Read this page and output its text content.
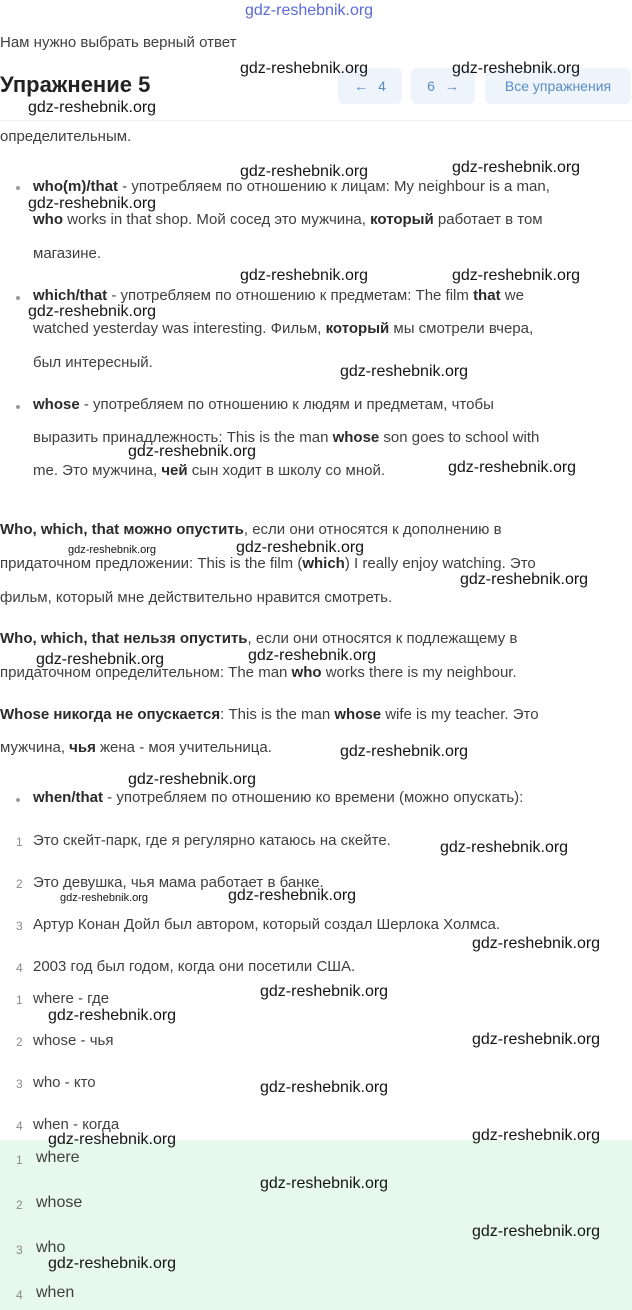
gdz-reshebnik.org
Нам нужно выбрать верный ответ
Упражнение 5	← 4	6 →	Все упражнения
определительным.
who(m)/that - употребляем по отношению к лицам: My neighbour is a man,
who works in that shop. Мой сосед это мужчина, который работает в том
магазине.
which/that - употребляем по отношению к предметам: The film that we
watched yesterday was interesting. Фильм, который мы смотрели вчера,
был интересный.
whose - употребляем по отношению к людям и предметам, чтобы
выразить принадлежность: This is the man whose son goes to school with
me. Это мужчина, чей сын ходит в школу со мной.
Who, which, that можно опустить, если они относятся к дополнению в
придаточном предложении: This is the film (which) I really enjoy watching. Это
фильм, который мне действительно нравится смотреть.
Who, which, that нельзя опустить, если они относятся к подлежащему в
придаточном определительном: The man who works there is my neighbour.
Whose никогда не опускается: This is the man whose wife is my teacher. Это
мужчина, чья жена - моя учительница.
when/that - употребляем по отношению ко времени (можно опускать):
1 Это скейт-парк, где я регулярно катаюсь на скейте.
2 Это девушка, чья мама работает в банке.
3 Артур Конан Дойл был автором, который создал Шерлока Холмса.
4 2003 год был годом, когда они посетили США.
1 where - где
2 whose - чья
3 who - кто
4 when - когда
1 where
2 whose
3 who
4 when
gdz-reshebnik.org	gdz-reshebnik.org
gdz-reshebnik.org
gdz-reshebnik.org	gdz-reshebnik.org
gdz-reshebnik.org
gdz-reshebnik.org	gdz-reshebnik.org
gdz-reshebnik.org
gdz-reshebnik.org
gdz-reshebnik.org
gdz-reshebnik.org
gdz-reshebnik.org	gdz-reshebnik.org
gdz-reshebnik.org
gdz-reshebnik.org	gdz-reshebnik.org
gdz-reshebnik.org
gdz-reshebnik.org
gdz-reshebnik.org
gdz-reshebnik.org	gdz-reshebnik.org
gdz-reshebnik.org
gdz-reshebnik.org
gdz-reshebnik.org
gdz-reshebnik.org
gdz-reshebnik.org
gdz-reshebnik.org	gdz-reshebnik.org
gdz-reshebnik.org
gdz-reshebnik.org
gdz-reshebnik.org
